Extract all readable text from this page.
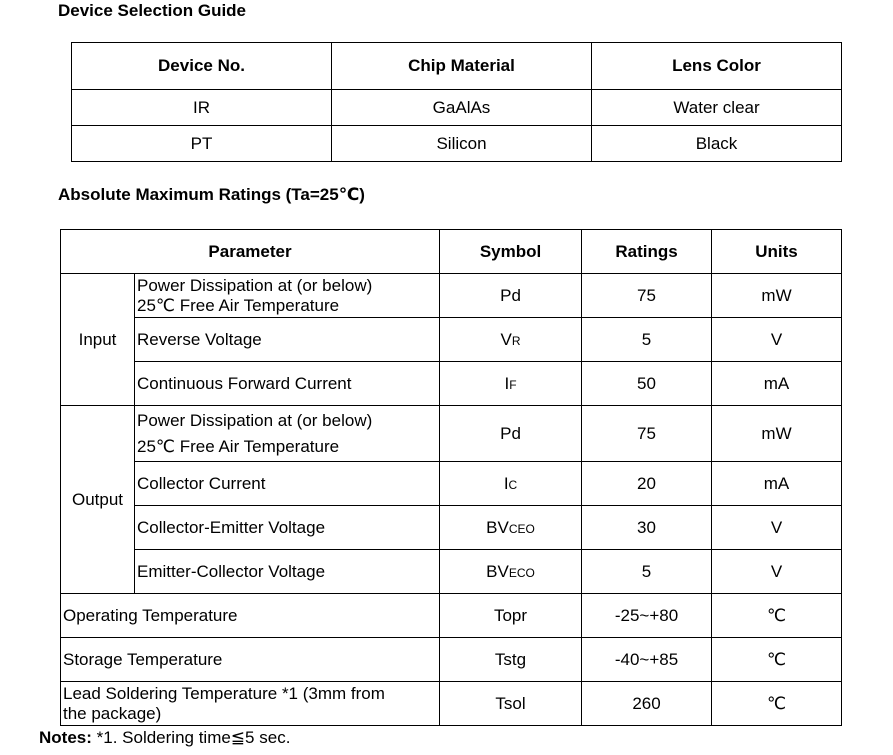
Device Selection Guide
Device No.	Chip Material	Lens Color
IR	GaAlAs	Water clear
PT	Silicon	Black
Absolute Maximum Ratings (Ta=25℃)
Parameter		Symbol	Ratings	Units
Input	Power Dissipation at (or below)
25℃ Free Air Temperature	Pd	75	mW
	Reverse Voltage	VR	5	V
	Continuous Forward Current	IF	50	mA
Output	Power Dissipation at (or below)
25℃ Free Air Temperature	Pd	75	mW
	Collector Current	IC	20	mA
	Collector-Emitter Voltage	BVCEO	30	V
	Emitter-Collector Voltage	BVECO	5	V
Operating Temperature		Topr	-25~+80	℃
Storage Temperature		Tstg	-40~+85	℃

Lead Soldering Temperature *1 (3mm from
the package)		Tsol	260	℃
Notes: *1. Soldering time≦5 sec.
